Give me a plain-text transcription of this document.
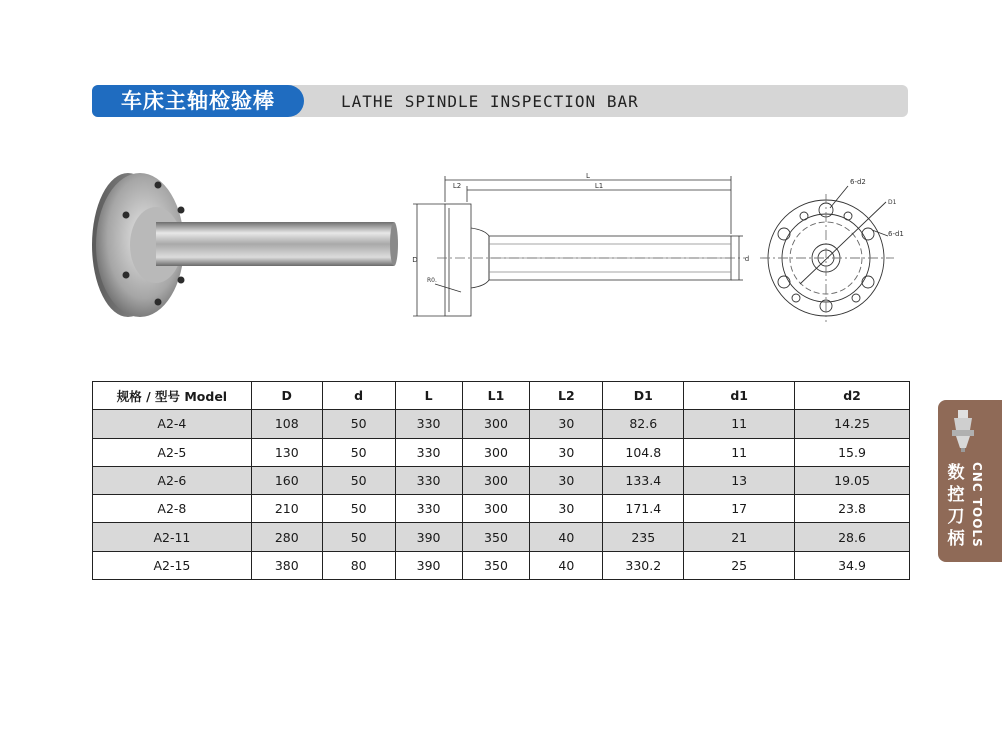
车床主轴检验棒	LATHE SPINDLE INSPECTION BAR
L
L1
L2
D	d
R0.
6-d2
D1
6-d1
规格 / 型号 Model	D	d	L	L1	L2	D1	d1	d2
A2-4	108	50	330	300	30	82.6	11	14.25
A2-5	130	50	330	300	30	104.8	11	15.9
A2-6	160	50	330	300	30	133.4	13	19.05
A2-8	210	50	330	300	30	171.4	17	23.8
A2-11	280	50	390	350	40	235	21	28.6
A2-15	380	80	390	350	40	330.2	25	34.9
数
控
刀
柄 CNC TOOLS
